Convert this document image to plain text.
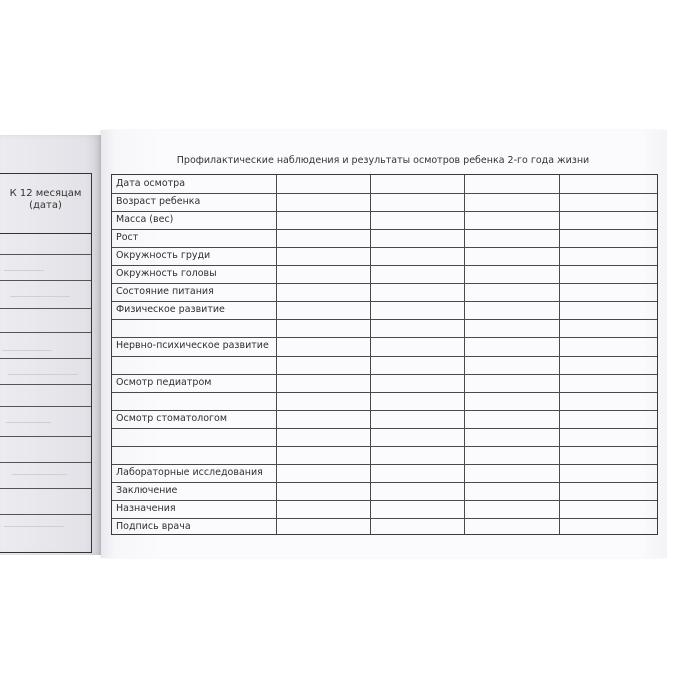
К 12 месяцам
(дата)
Профилактические наблюдения и результаты осмотров ребенка 2-го года жизни
Дата осмотра
Возраст ребенка
Масса (вес)
Рост
Окружность груди
Окружность головы
Состояние питания
Физическое развитие
Нервно-психическое развитие
Осмотр педиатром
Осмотр стоматологом
Лабораторные исследования
Заключение
Назначения
Подпись врача
